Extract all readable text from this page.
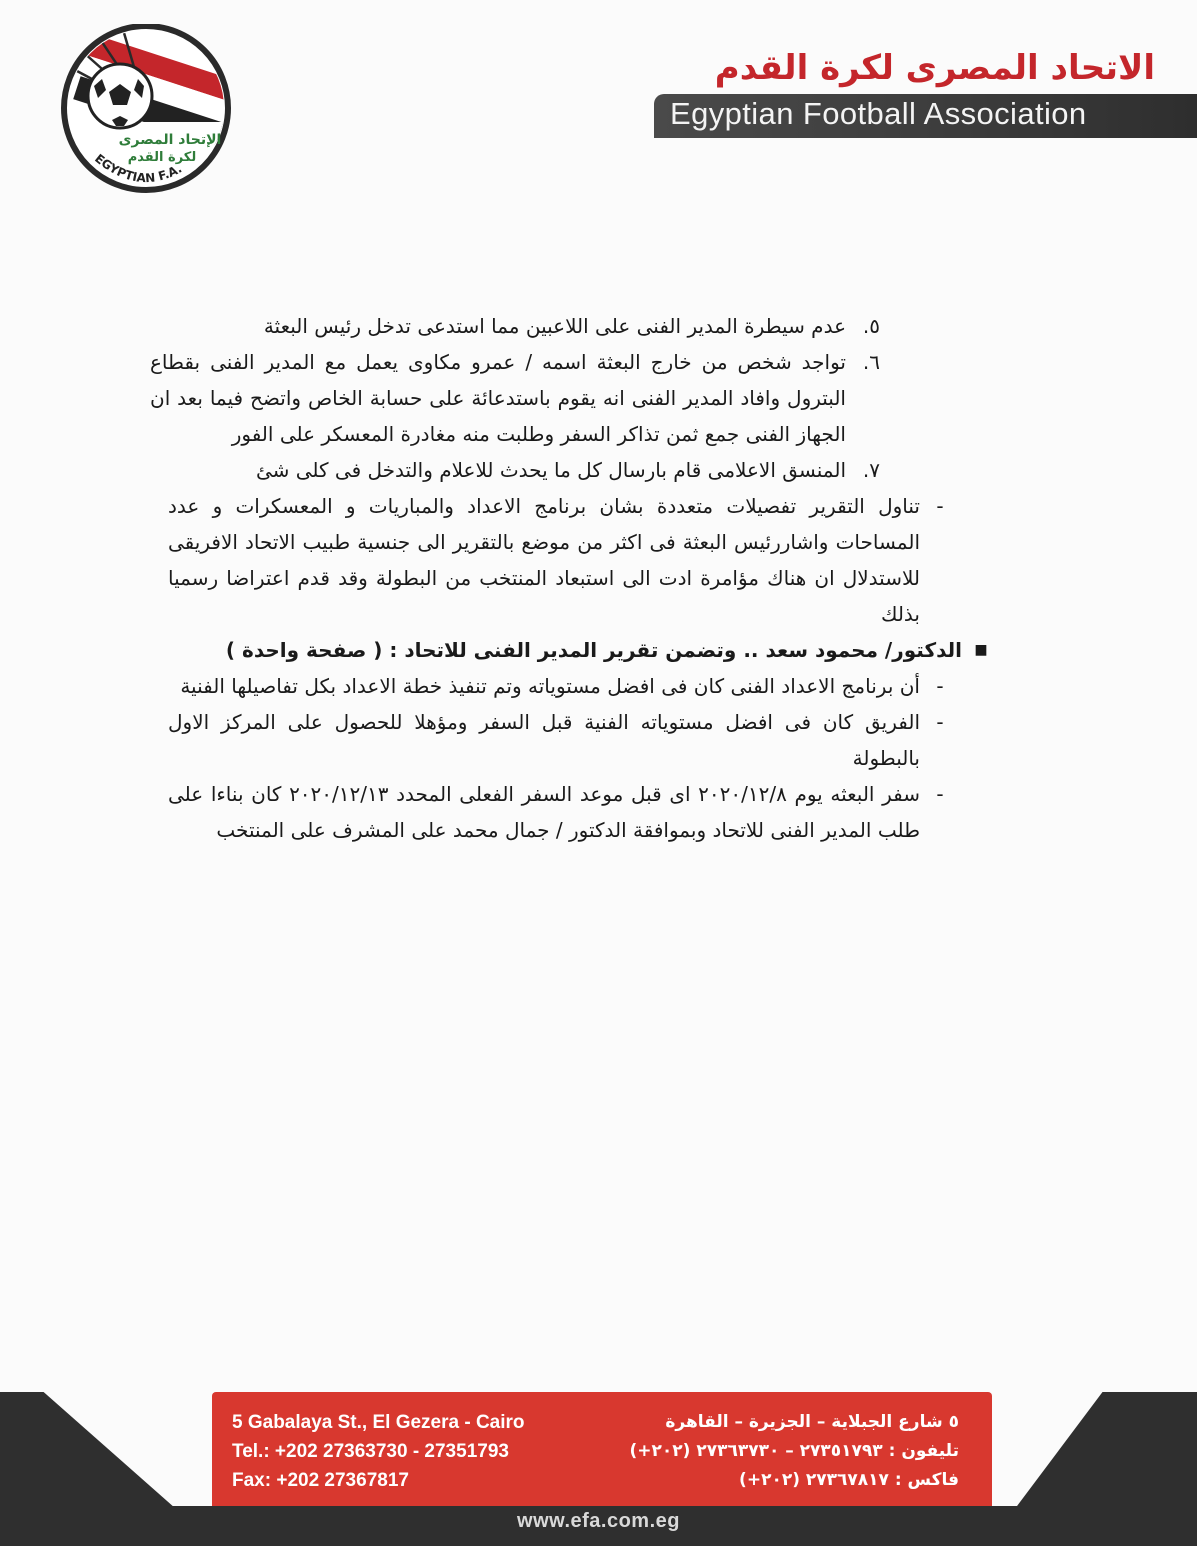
الإتحاد المصرى
لكرة القدم
EGYPTIAN F.A.
الاتحاد المصرى لكرة القدم
Egyptian Football Association
٥.
عدم سيطرة المدير الفنى على اللاعبين مما استدعى تدخل رئيس البعثة
٦.
تواجد شخص من خارج البعثة اسمه / عمرو مكاوى يعمل مع المدير الفنى بقطاع البترول وافاد المدير الفنى انه يقوم باستدعائة على حسابة الخاص واتضح فيما بعد ان الجهاز الفنى جمع ثمن تذاكر السفر وطلبت منه مغادرة المعسكر على الفور
٧.
المنسق الاعلامى قام بارسال كل ما يحدث للاعلام والتدخل فى كلى شئ
-
تناول التقرير تفصيلات متعددة بشان برنامج الاعداد والمباريات و المعسكرات و عدد المساحات واشاررئيس البعثة فى اكثر من موضع بالتقرير الى جنسية طبيب الاتحاد الافريقى للاستدلال ان هناك مؤامرة ادت الى استبعاد المنتخب من البطولة وقد قدم اعتراضا رسميا بذلك
■
الدكتور/ محمود سعد .. وتضمن تقرير المدير الفنى للاتحاد : ( صفحة واحدة )
-
أن برنامج الاعداد الفنى كان فى افضل مستوياته وتم تنفيذ خطة الاعداد بكل تفاصيلها الفنية
-
الفريق كان فى افضل مستوياته الفنية قبل السفر ومؤهلا للحصول على المركز الاول بالبطولة
-
سفر البعثه يوم ٢٠٢٠/١٢/٨ اى قبل موعد السفر الفعلى المحدد ٢٠٢٠/١٢/١٣ كان بناءا على طلب المدير الفنى للاتحاد وبموافقة الدكتور / جمال محمد على المشرف على المنتخب
5 Gabalaya St., El Gezera - Cairo
Tel.: +202 27363730 - 27351793
Fax: +202 27367817
٥ شارع الجبلاية – الجزيرة – القاهرة
تليفون : ٢٧٣٥١٧٩٣ – ٢٧٣٦٣٧٣٠ (٢٠٢+)
فاكس : ٢٧٣٦٧٨١٧ (٢٠٢+)
www.efa.com.eg
